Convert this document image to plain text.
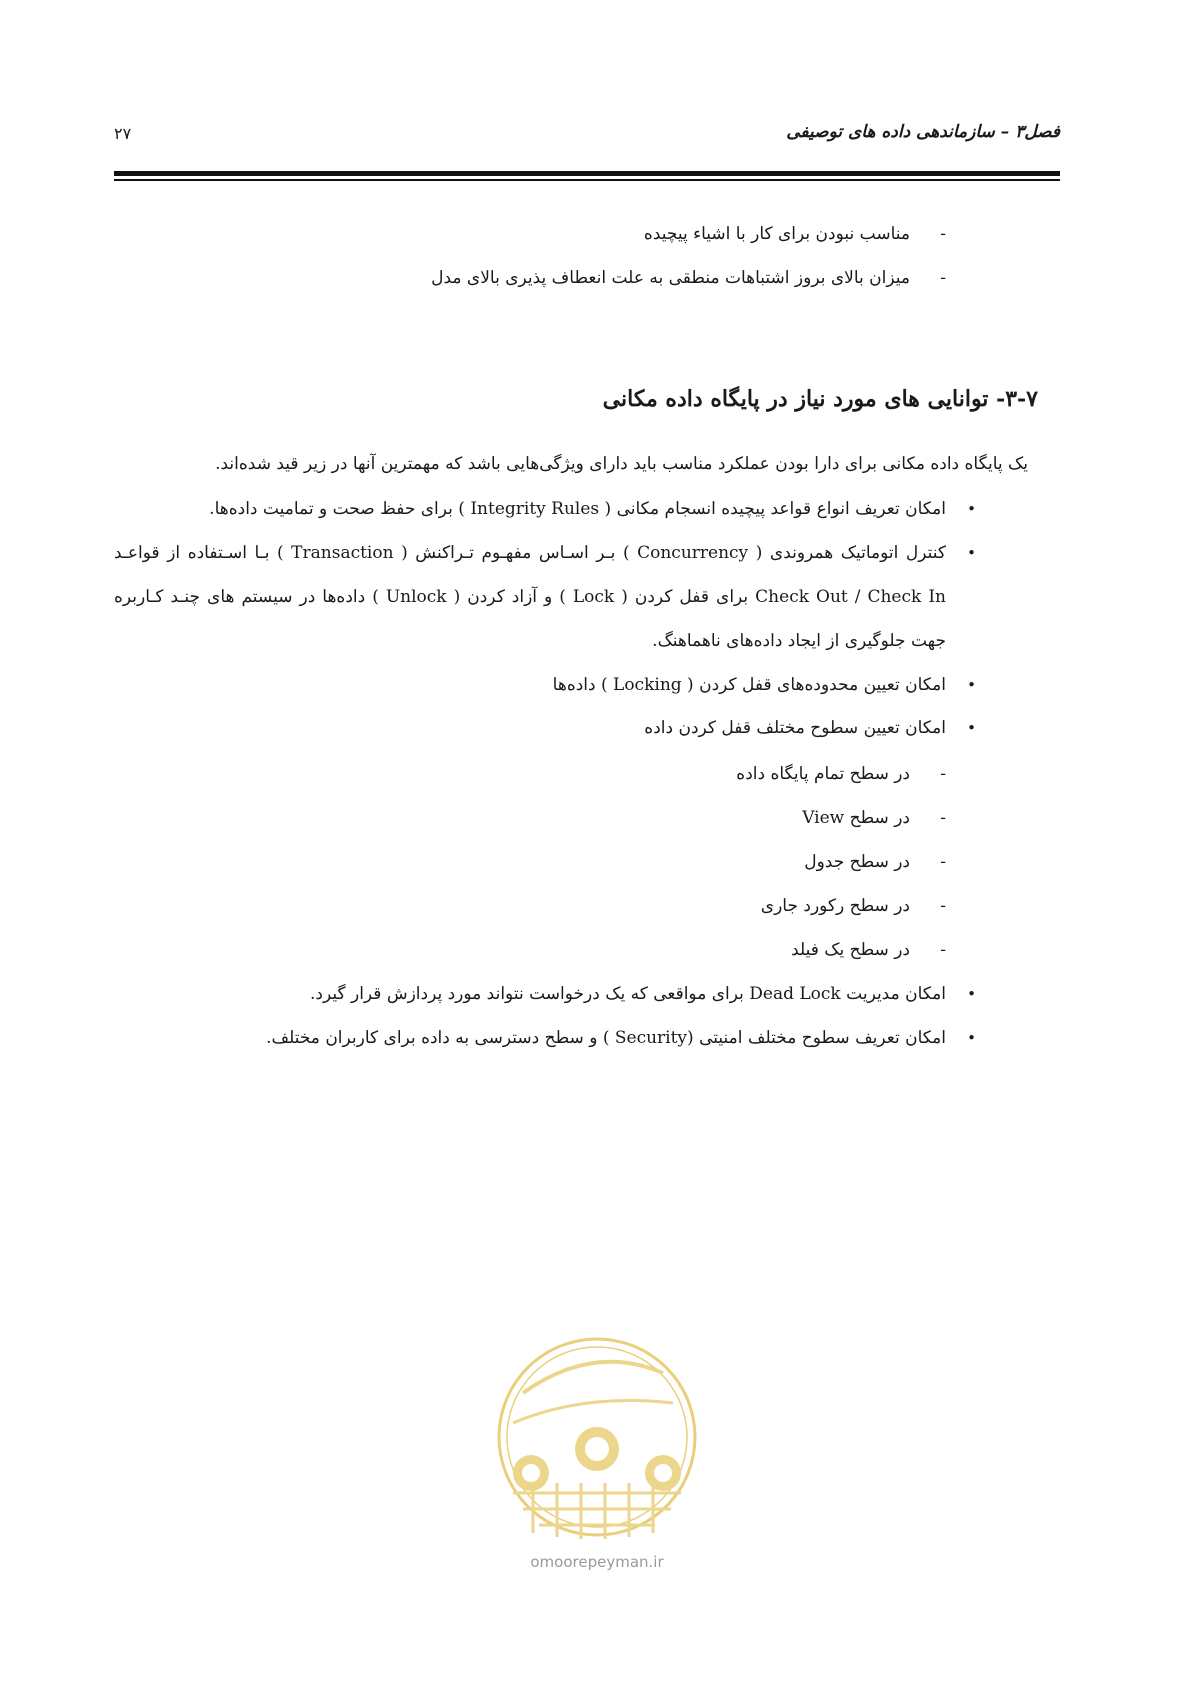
فصل۳ – سازماندهی داده های توصیفی
۲۷
-
مناسب نبودن برای کار با اشیاء پیچیده
-
میزان بالای بروز اشتباهات منطقی به علت انعطاف پذیری بالای مدل
۳-۷- توانایی های مورد نیاز در پایگاه داده مکانی
یک پایگاه داده مکانی برای دارا بودن عملکرد مناسب باید دارای ویژگی‌هایی باشد که مهمترین آنها در زیر قید شده‌اند.
•
امکان تعریف انواع قواعد پیچیده انسجام مکانی ( Integrity Rules ) برای حفظ صحت و تمامیت داده‌ها.
•
کنترل اتوماتیک همروندی ( Concurrency ) بـر اسـاس مفهـوم تـراکنش ( Transaction ) بـا اسـتفاده از قواعـد
Check Out / Check In برای قفل کردن ( Lock ) و آزاد کردن ( Unlock ) داده‌ها در سیستم های چنـد کـاربره
جهت جلوگیری از ایجاد داده‌های ناهماهنگ.
•
امکان تعیین محدوده‌های قفل کردن ( Locking ) داده‌ها
•
امکان تعیین سطوح مختلف قفل کردن داده
-
در سطح تمام پایگاه داده
-
در سطح View
-
در سطح جدول
-
در سطح رکورد جاری
-
در سطح یک فیلد
•
امکان مدیریت Dead Lock برای مواقعی که یک درخواست نتواند مورد پردازش قرار گیرد.
•
امکان تعریف سطوح مختلف امنیتی (Security ) و سطح دسترسی به داده برای کاربران مختلف.
omoorepeyman.ir
